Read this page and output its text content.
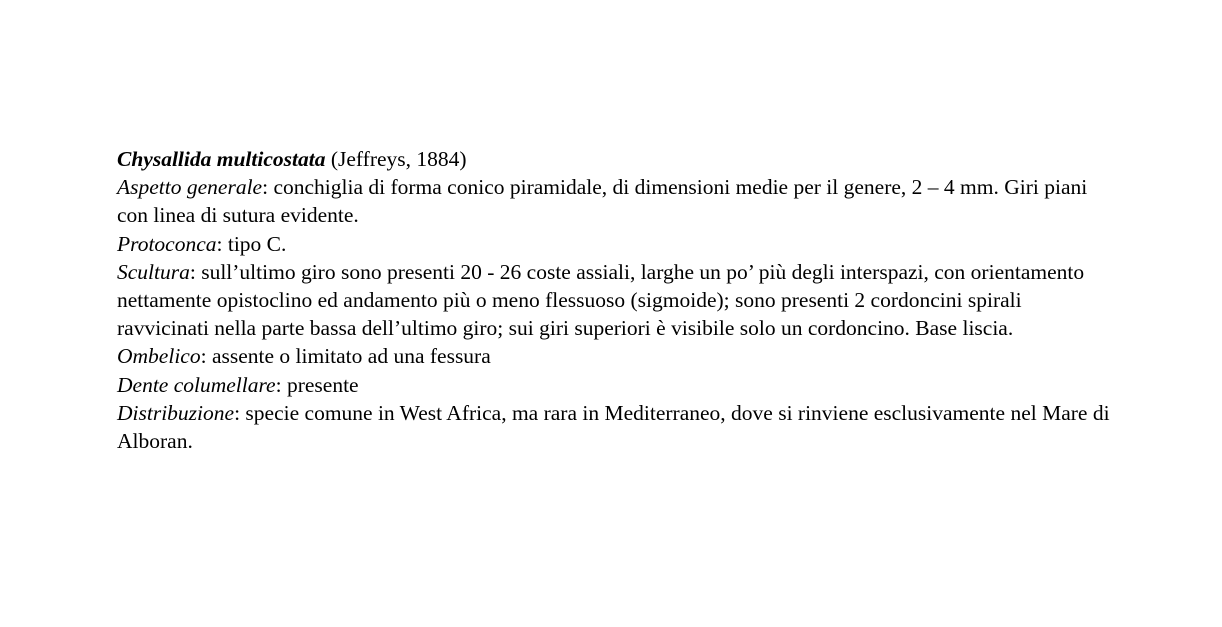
Chysallida multicostata (Jeffreys, 1884)

Aspetto generale: conchiglia di forma conico piramidale, di dimensioni medie per il genere, 2 – 4 mm. Giri piani con linea di sutura evidente.

Protoconca: tipo C.

Scultura: sull’ultimo giro sono presenti 20 - 26 coste assiali, larghe un po’ più degli interspazi, con orientamento nettamente opistoclino ed andamento più o meno flessuoso (sigmoide); sono presenti 2 cordoncini spirali ravvicinati nella parte bassa dell’ultimo giro; sui giri superiori è visibile solo un cordoncino. Base liscia.

Ombelico: assente o limitato ad una fessura

Dente columellare: presente

Distribuzione: specie comune in West Africa, ma rara in Mediterraneo, dove si rinviene esclusivamente nel Mare di Alboran.
